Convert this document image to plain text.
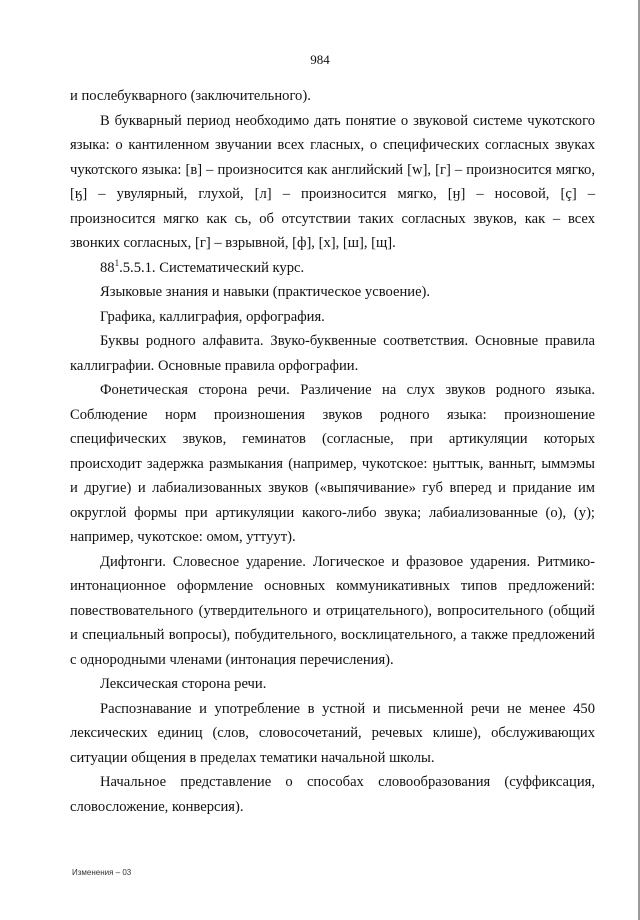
984

и послебукварного (заключительного).

В букварный период необходимо дать понятие о звуковой системе чукотского языка: о кантиленном звучании всех гласных, о специфических согласных звуках чукотского языка: [в] – произносится как английский [w], [г] – произносится мягко, [ӄ] – увулярный, глухой, [л] – произносится мягко, [ӈ] – носовой, [ç] – произносится мягко как сь, об отсутствии таких согласных звуков, как – всех звонких согласных, [г] – взрывной, [ф], [х], [ш], [щ].

$88^1.5.5.1$. Систематический курс.

Языковые знания и навыки (практическое усвоение).

Графика, каллиграфия, орфография.

Буквы родного алфавита. Звуко-буквенные соответствия. Основные правила каллиграфии. Основные правила орфографии.

Фонетическая сторона речи. Различение на слух звуков родного языка. Соблюдение норм произношения звуков родного языка: произношение специфических звуков, геминатов (согласные, при артикуляции которых происходит задержка размыкания (например, чукотское: ӈыттык, ванныт, ыммэмы и другие) и лабиализованных звуков («выпячивание» губ вперед и придание им округлой формы при артикуляции какого-либо звука; лабиализованные (о), (у); например, чукотское: омом, уттуут).

Дифтонги. Словесное ударение. Логическое и фразовое ударения. Ритмико-интонационное оформление основных коммуникативных типов предложений: повествовательного (утвердительного и отрицательного), вопросительного (общий и специальный вопросы), побудительного, восклицательного, а также предложений с однородными членами (интонация перечисления).

Лексическая сторона речи.

Распознавание и употребление в устной и письменной речи не менее 450 лексических единиц (слов, словосочетаний, речевых клише), обслуживающих ситуации общения в пределах тематики начальной школы.

Начальное представление о способах словообразования (суффиксация, словосложение, конверсия).

Изменения – 03
